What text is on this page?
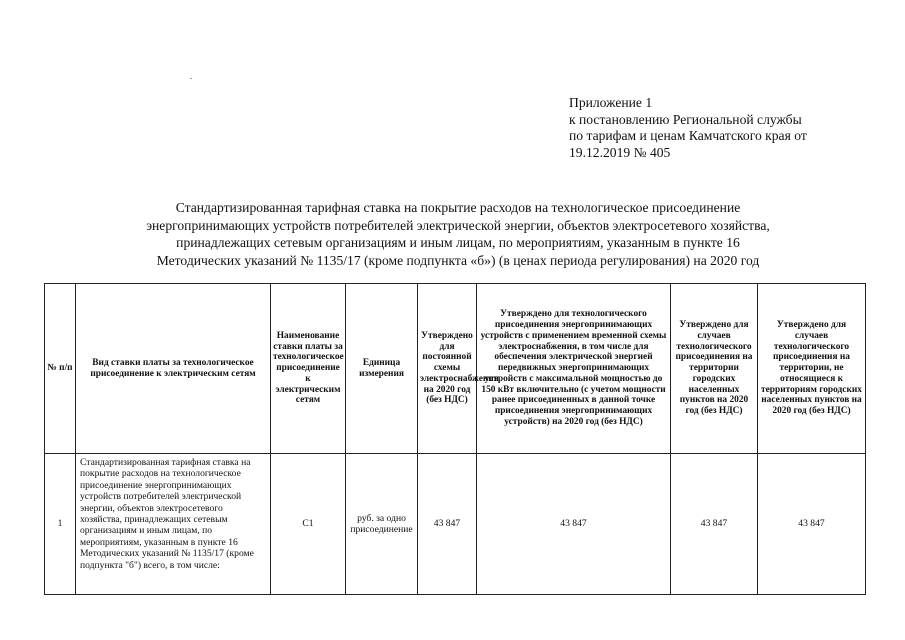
Приложение 1
к постановлению Региональной службы
по тарифам и ценам Камчатского края от
19.12.2019 № 405
Стандартизированная тарифная ставка на покрытие расходов на технологическое присоединение
энергопринимающих устройств потребителей электрической энергии, объектов электросетевого хозяйства,
принадлежащих сетевым организациям и иным лицам, по мероприятиям, указанным в пункте 16
Методических указаний № 1135/17 (кроме подпункта «б») (в ценах периода регулирования) на 2020 год
№ п/п	Вид ставки платы за технологическое присоединение к электрическим сетям	Наименование ставки платы за технологическое присоединение к электрическим сетям	Единица измерения	Утверждено для постоянной схемы электроснабжения на 2020 год (без НДС)	Утверждено для технологического присоединения энергопринимающих устройств с применением временной схемы электроснабжения, в том числе для обеспечения электрической энергией передвижных энергопринимающих устройств с максимальной мощностью до 150 кВт включительно (с учетом мощности ранее присоединенных в данной точке присоединения энергопринимающих устройств) на 2020 год (без НДС)	Утверждено для случаев технологического присоединения на территории городских населенных пунктов на 2020 год (без НДС)	Утверждено для случаев технологического присоединения на территории, не относящиеся к территориям городских населенных пунктов на 2020 год (без НДС)
1	Стандартизированная тарифная ставка на покрытие расходов на технологическое присоединение энергопринимающих устройств потребителей электрической энергии, объектов электросетевого хозяйства, принадлежащих сетевым организациям и иным лицам, по мероприятиям, указанным в пункте 16 Методических указаний № 1135/17 (кроме подпункта "б") всего, в том числе:	С1	руб. за одно присоединение	43 847	43 847	43 847	43 847
